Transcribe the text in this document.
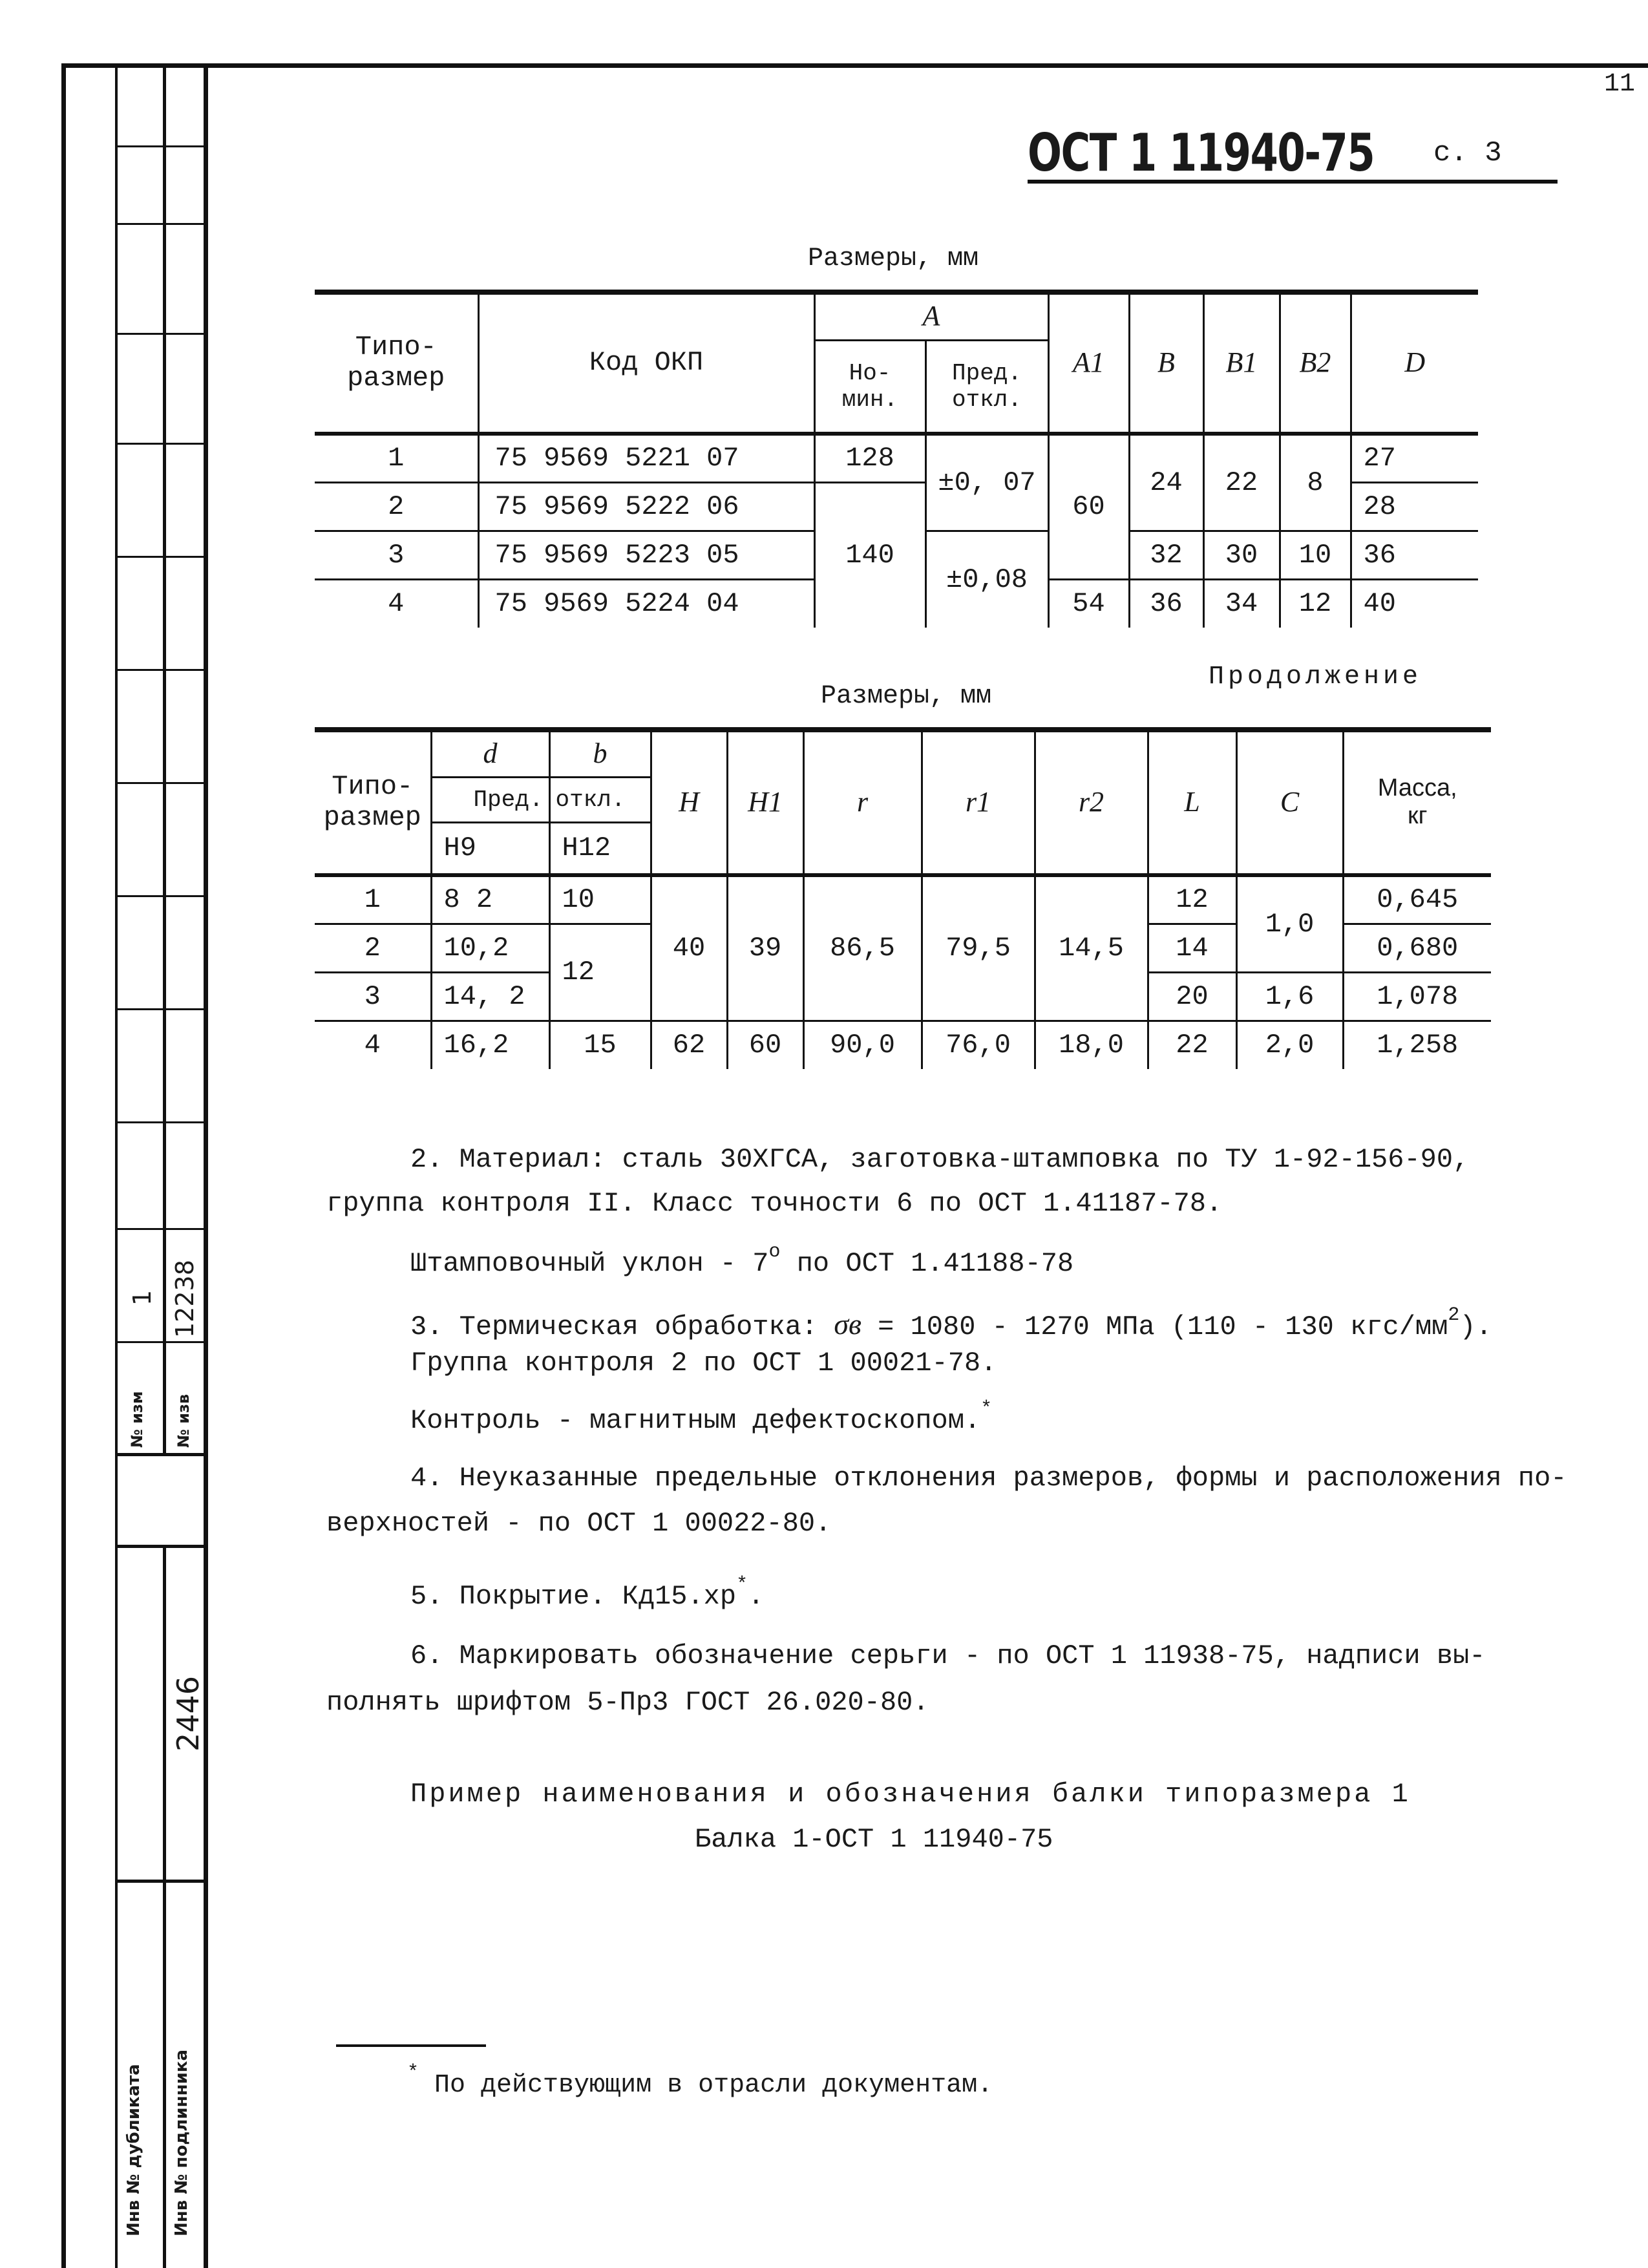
1 12238
№ изм № изв
2446
Инв № дубликата Инв № подлинника
11
ОСТ 1 11940-75 с. 3
Размеры, мм
Типо-
размер	Код ОКП	A		A1	B	B1	B2	D
		Но-
мин.	Пред.
откл.					
1	75 9569 5221 07	128	±0, 07	60	24	22	8	27
2	75 9569 5222 06	140						28
3	75 9569 5223 05		±0,08		32	30	10	36
4	75 9569 5224 04			54	36	34	12	40
Продолжение
Размеры, мм
Типо-
размер	d	b	H	H1	r	r1	r2	L	C	Масса,
кг
	Пред.	откл.								
	H9	H12								
1	8 2	10	40	39	86,5	79,5	14,5	12	1,0	0,645
2	10,2	12						14		0,680
3	14, 2							20	1,6	1,078
4	16,2	15	62	60	90,0	76,0	18,0	22	2,0	1,258
2. Материал: сталь 30ХГСА, заготовка-штамповка по ТУ 1-92-156-90,
группа контроля II. Класс точности 6 по ОСТ 1.41187-78.
Штамповочный уклон - $7^о$ по ОСТ 1.41188-78
3. Термическая обработка: σв = 1080 - 1270 МПа (110 - 130 кгс/$мм^2$).
Группа контроля 2 по ОСТ 1 00021-78.
Контроль - магнитным дефектоскопом.*
4. Неуказанные предельные отклонения размеров, формы и расположения по-
верхностей - по ОСТ 1 00022-80.
5. Покрытие. Кд15.хр*.
6. Маркировать обозначение серьги - по ОСТ 1 11938-75, надписи вы-
полнять шрифтом 5-Пр3 ГОСТ 26.020-80.
Пример наименования и обозначения балки типоразмера 1
Балка 1-ОСТ 1 11940-75
* По действующим в отрасли документам.
